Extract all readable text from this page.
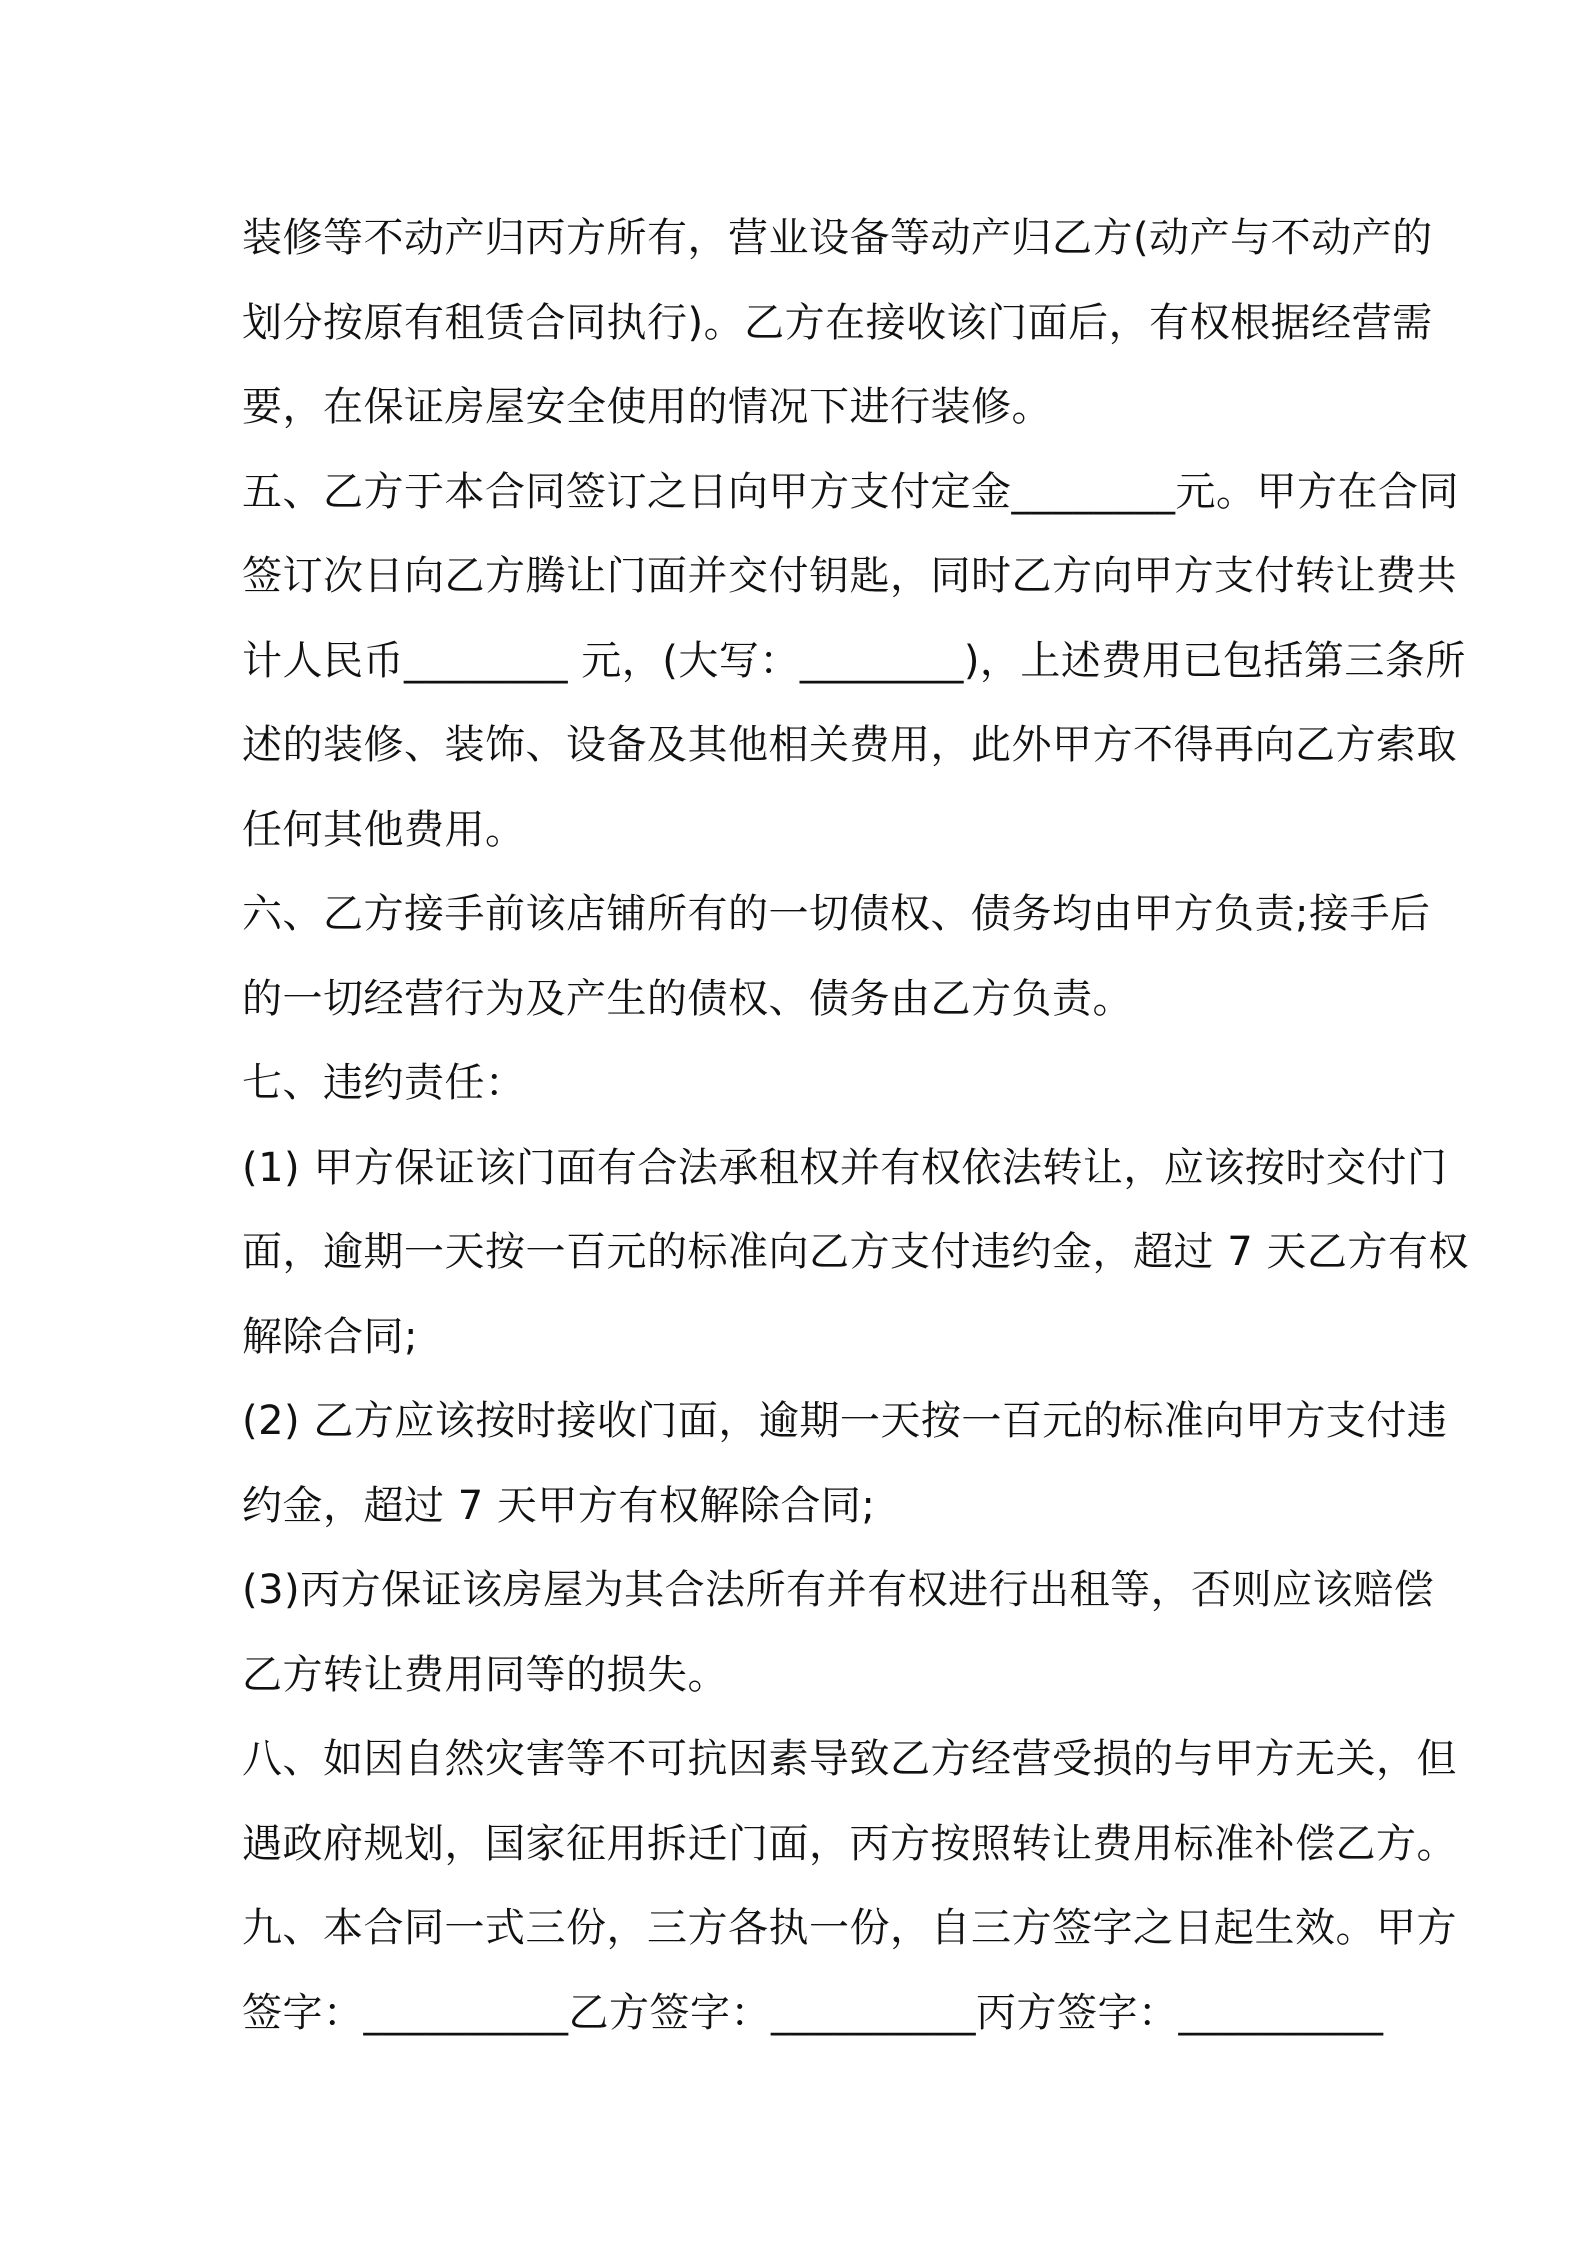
装修等不动产归丙方所有，营业设备等动产归乙方(动产与不动产的
划分按原有租赁合同执行)。乙方在接收该门面后，有权根据经营需
要，在保证房屋安全使用的情况下进行装修。
五、乙方于本合同签订之日向甲方支付定金________元。甲方在合同
签订次日向乙方腾让门面并交付钥匙，同时乙方向甲方支付转让费共
计人民币________ 元，(大写：________)，上述费用已包括第三条所
述的装修、装饰、设备及其他相关费用，此外甲方不得再向乙方索取
任何其他费用。
六、乙方接手前该店铺所有的一切债权、债务均由甲方负责;接手后
的一切经营行为及产生的债权、债务由乙方负责。
七、违约责任：
(1) 甲方保证该门面有合法承租权并有权依法转让，应该按时交付门
面，逾期一天按一百元的标准向乙方支付违约金，超过 7 天乙方有权
解除合同;
(2) 乙方应该按时接收门面，逾期一天按一百元的标准向甲方支付违
约金，超过 7 天甲方有权解除合同;
(3)丙方保证该房屋为其合法所有并有权进行出租等，否则应该赔偿
乙方转让费用同等的损失。
八、如因自然灾害等不可抗因素导致乙方经营受损的与甲方无关，但
遇政府规划，国家征用拆迁门面，丙方按照转让费用标准补偿乙方。
九、本合同一式三份，三方各执一份，自三方签字之日起生效。甲方
签字：__________ 乙方签字：__________ 丙方签字：__________
